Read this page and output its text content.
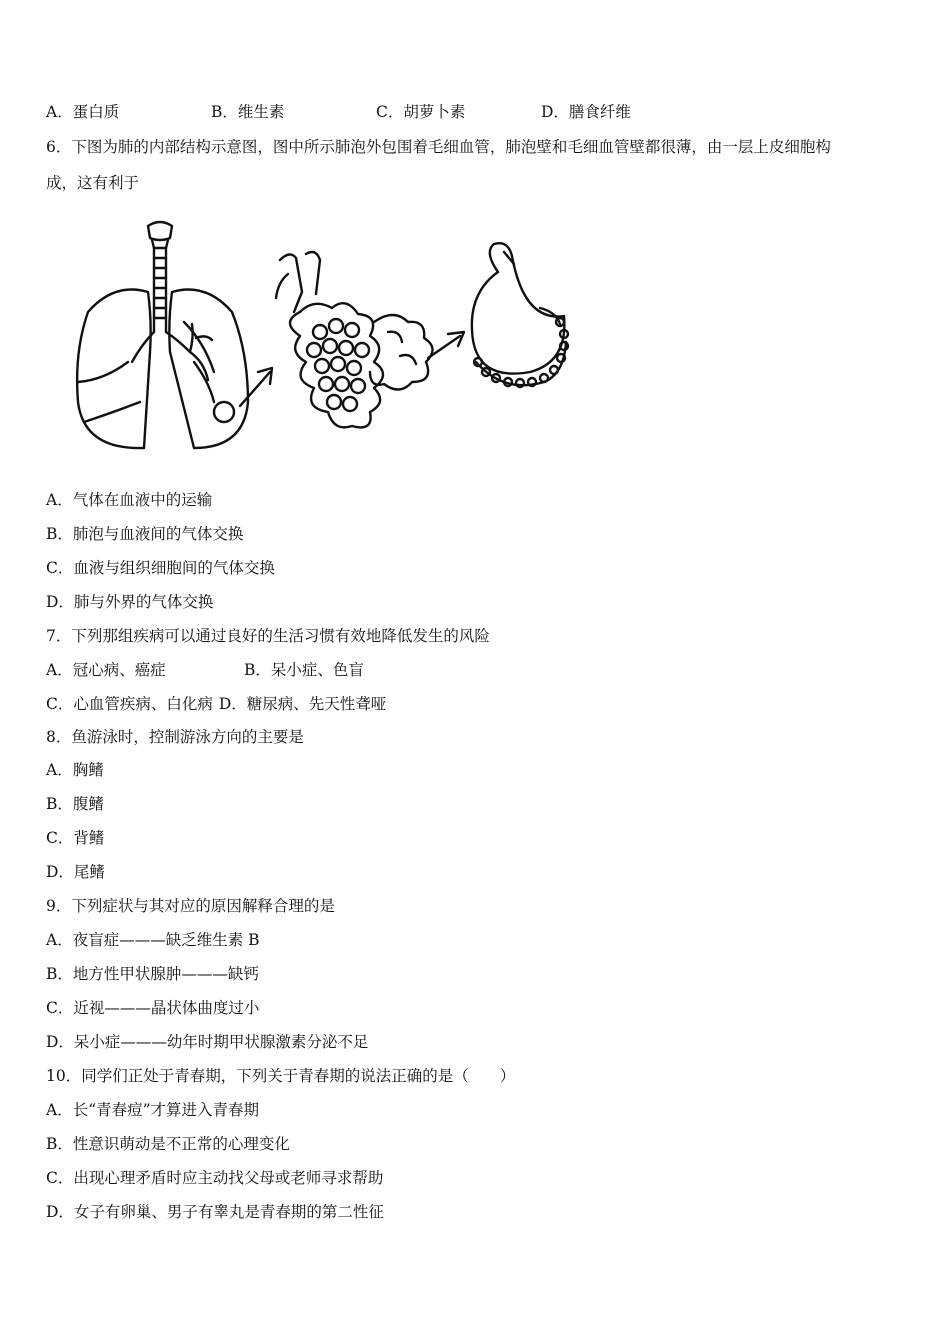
A．蛋白质	B．维生素	C．胡萝卜素	D．膳食纤维
6．下图为肺的内部结构示意图，图中所示肺泡外包围着毛细血管，肺泡壁和毛细血管壁都很薄，由一层上皮细胞构
成，这有利于
A．气体在血液中的运输
B．肺泡与血液间的气体交换
C．血液与组织细胞间的气体交换
D．肺与外界的气体交换
7．下列那组疾病可以通过良好的生活习惯有效地降低发生的风险
A．冠心病、癌症	B．呆小症、色盲
C．心血管疾病、白化病 D．糖尿病、先天性聋哑
8．鱼游泳时，控制游泳方向的主要是
A．胸鳍
B．腹鳍
C．背鳍
D．尾鳍
9．下列症状与其对应的原因解释合理的是
A．夜盲症———缺乏维生素 B
B．地方性甲状腺肿———缺钙
C．近视———晶状体曲度过小
D．呆小症———幼年时期甲状腺激素分泌不足
10．同学们正处于青春期，下列关于青春期的说法正确的是（　　）
A．长“青春痘”才算进入青春期
B．性意识萌动是不正常的心理变化
C．出现心理矛盾时应主动找父母或老师寻求帮助
D．女子有卵巢、男子有睾丸是青春期的第二性征
